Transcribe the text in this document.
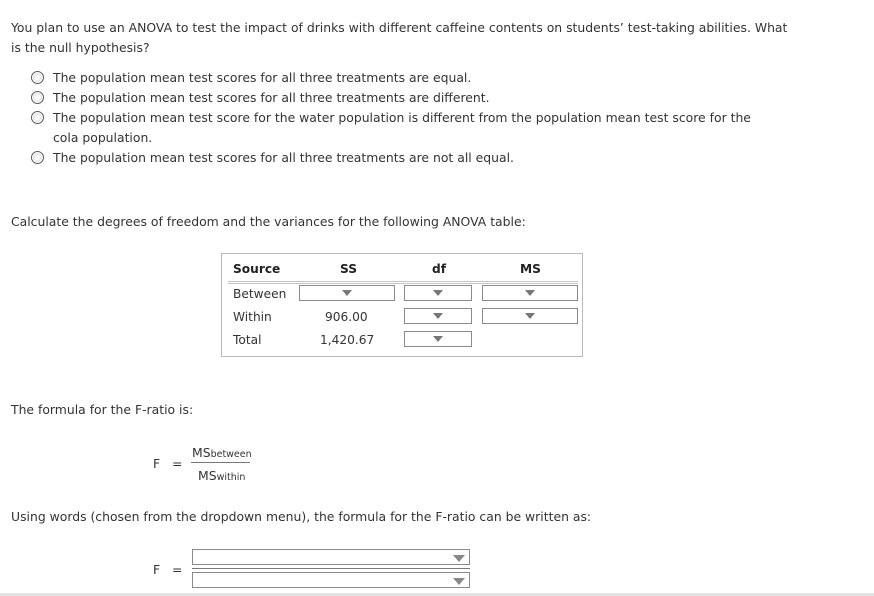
You plan to use an ANOVA to test the impact of drinks with different caffeine contents on students’ test-taking abilities. What is the null hypothesis?
The population mean test scores for all three treatments are equal.
The population mean test scores for all three treatments are different.
The population mean test score for the water population is different from the population mean test score for the cola population.
The population mean test scores for all three treatments are not all equal.
Calculate the degrees of freedom and the variances for the following ANOVA table:
Source	SS	df	MS
Between
Within	906.00
Total	1,420.67
The formula for the F-ratio is:
F =
MSbetween
MSwithin
Using words (chosen from the dropdown menu), the formula for the F-ratio can be written as:
F =
